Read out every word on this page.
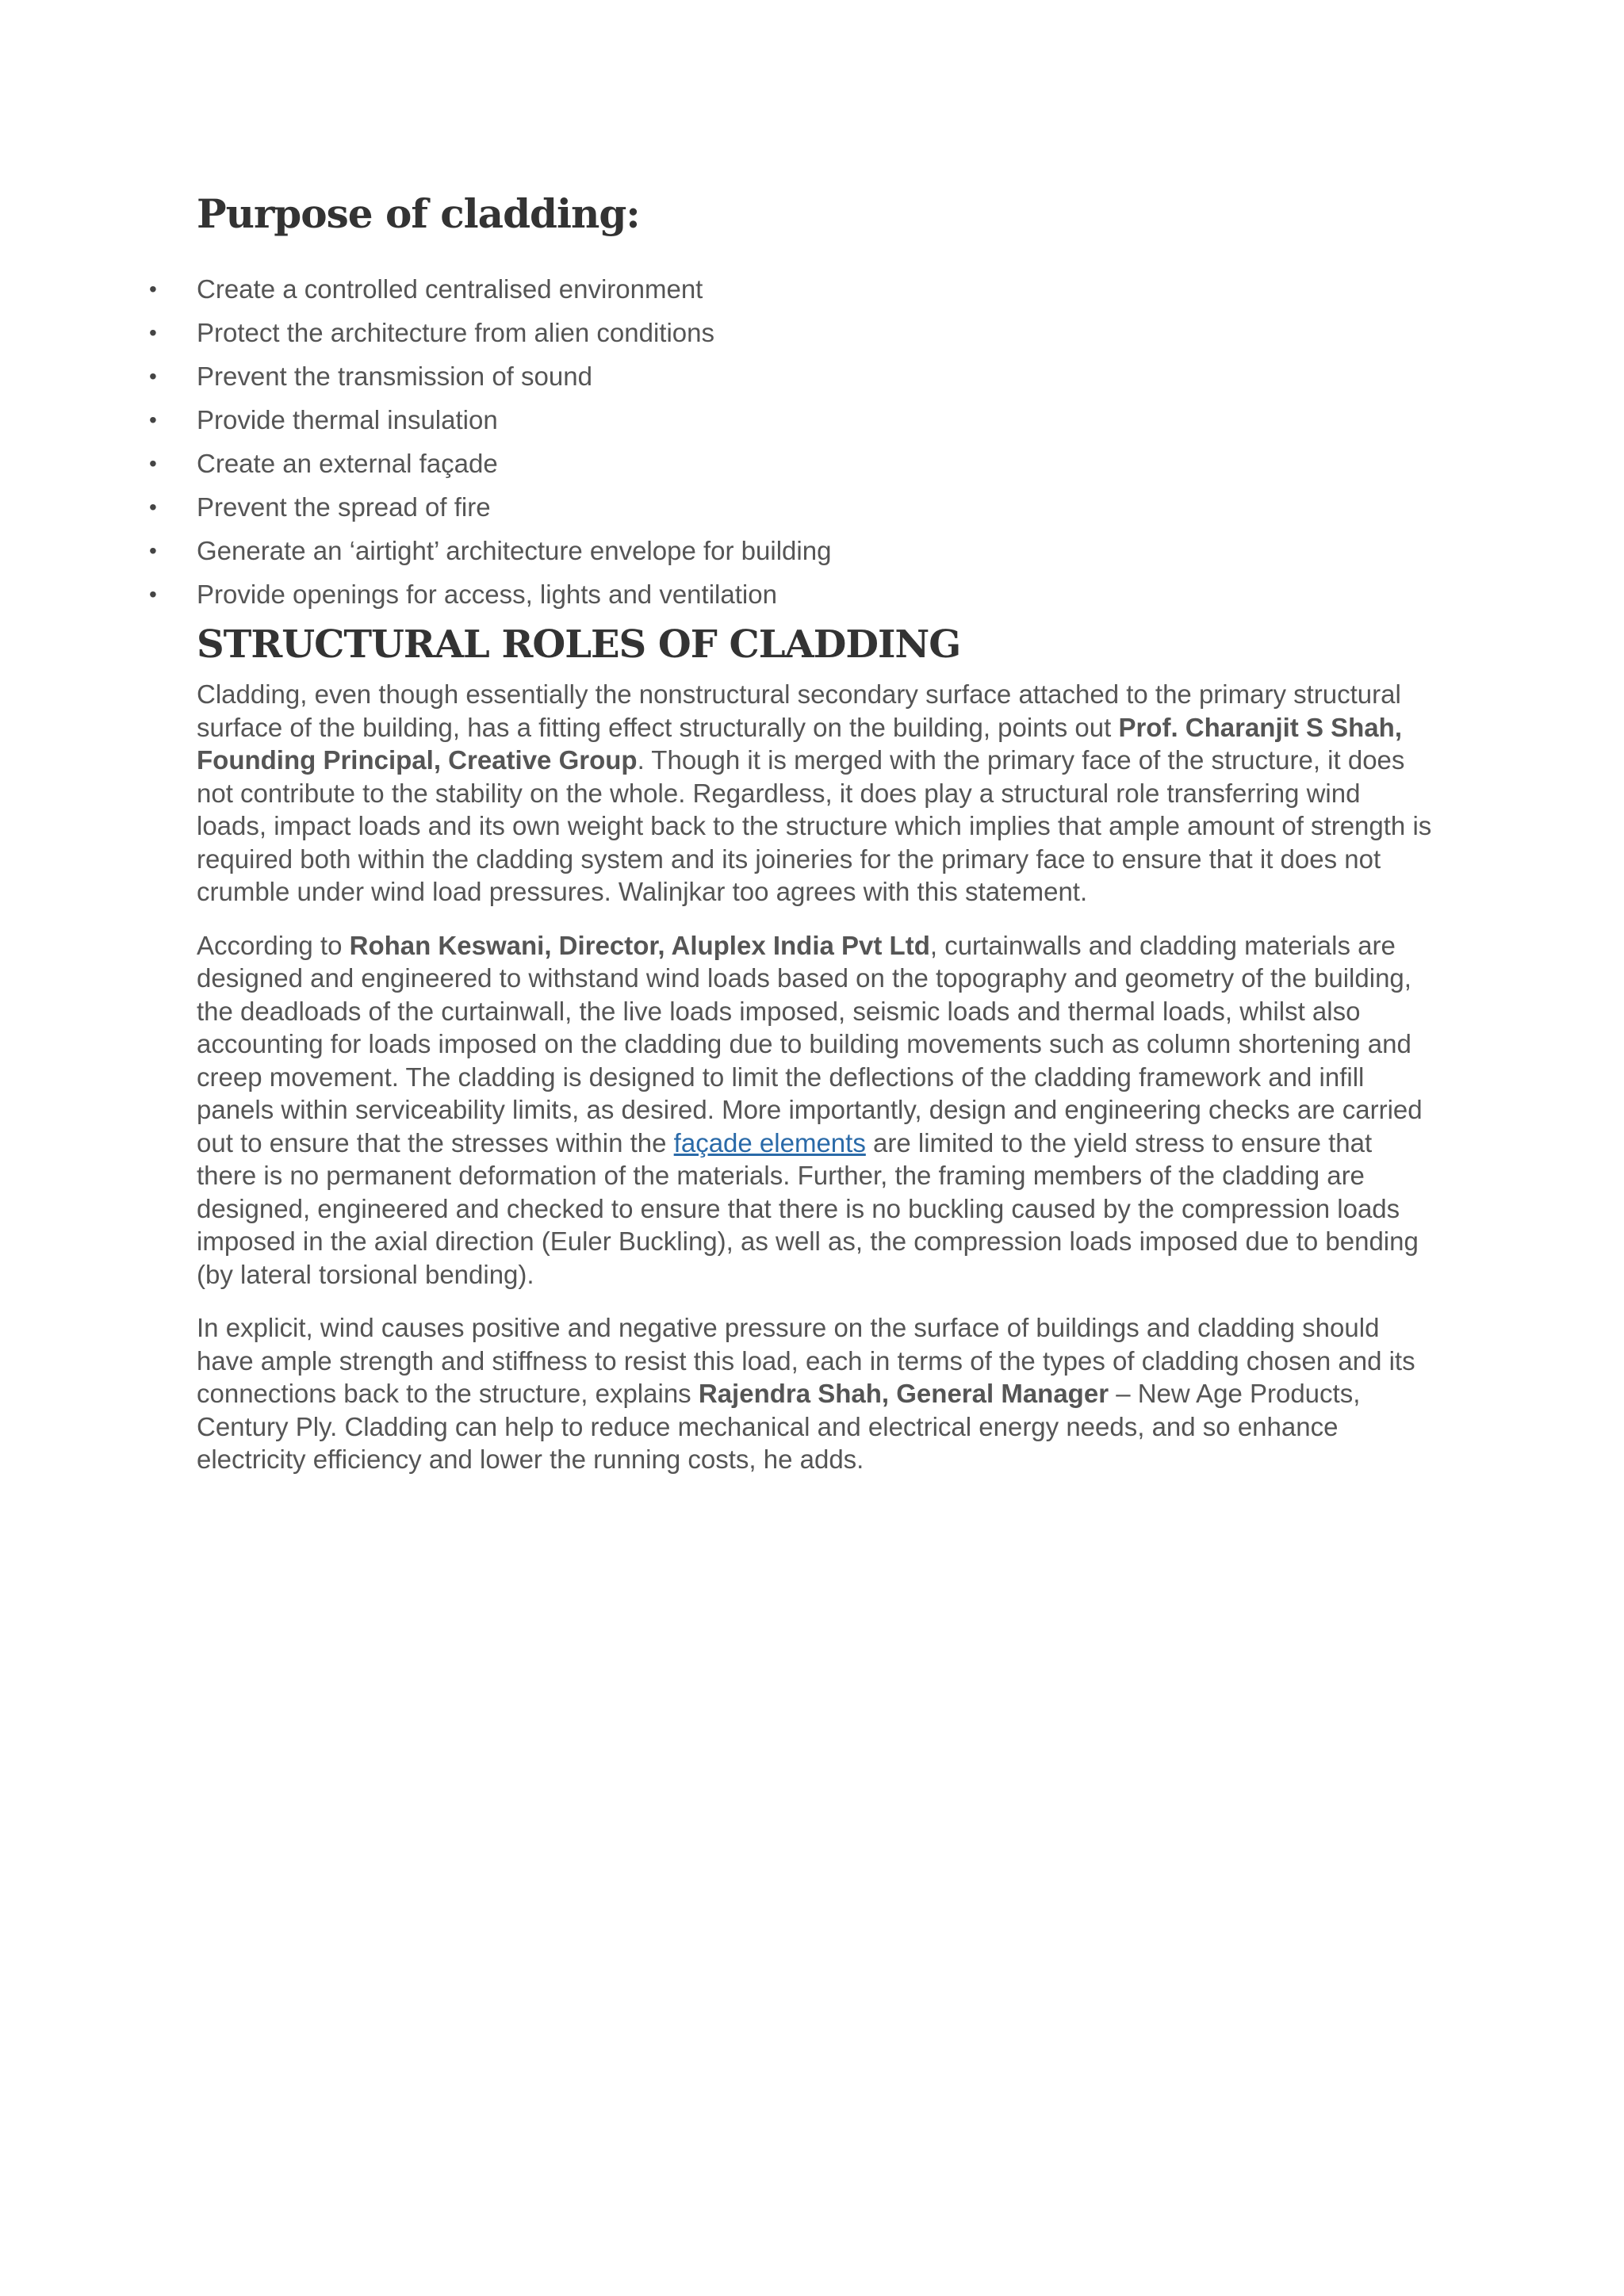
Purpose of cladding:
• Create a controlled centralised environment
• Protect the architecture from alien conditions
• Prevent the transmission of sound
• Provide thermal insulation
• Create an external façade
• Prevent the spread of fire
• Generate an ‘airtight’ architecture envelope for building
• Provide openings for access, lights and ventilation
STRUCTURAL ROLES OF CLADDING

Cladding, even though essentially the nonstructural secondary surface attached to the primary structural surface of the building, has a fitting effect structurally on the building, points out Prof. Charanjit S Shah, Founding Principal, Creative Group. Though it is merged with the primary face of the structure, it does not contribute to the stability on the whole. Regardless, it does play a structural role transferring wind loads, impact loads and its own weight back to the structure which implies that ample amount of strength is required both within the cladding system and its joineries for the primary face to ensure that it does not crumble under wind load pressures. Walinjkar too agrees with this statement.

According to Rohan Keswani, Director, Aluplex India Pvt Ltd, curtainwalls and cladding materials are designed and engineered to withstand wind loads based on the topography and geometry of the building, the deadloads of the curtainwall, the live loads imposed, seismic loads and thermal loads, whilst also accounting for loads imposed on the cladding due to building movements such as column shortening and creep movement. The cladding is designed to limit the deflections of the cladding framework and infill panels within serviceability limits, as desired. More importantly, design and engineering checks are carried out to ensure that the stresses within the façade elements are limited to the yield stress to ensure that there is no permanent deformation of the materials. Further, the framing members of the cladding are designed, engineered and checked to ensure that there is no buckling caused by the compression loads imposed in the axial direction (Euler Buckling), as well as, the compression loads imposed due to bending (by lateral torsional bending).

In explicit, wind causes positive and negative pressure on the surface of buildings and cladding should have ample strength and stiffness to resist this load, each in terms of the types of cladding chosen and its connections back to the structure, explains Rajendra Shah, General Manager – New Age Products, Century Ply. Cladding can help to reduce mechanical and electrical energy needs, and so enhance electricity efficiency and lower the running costs, he adds.
